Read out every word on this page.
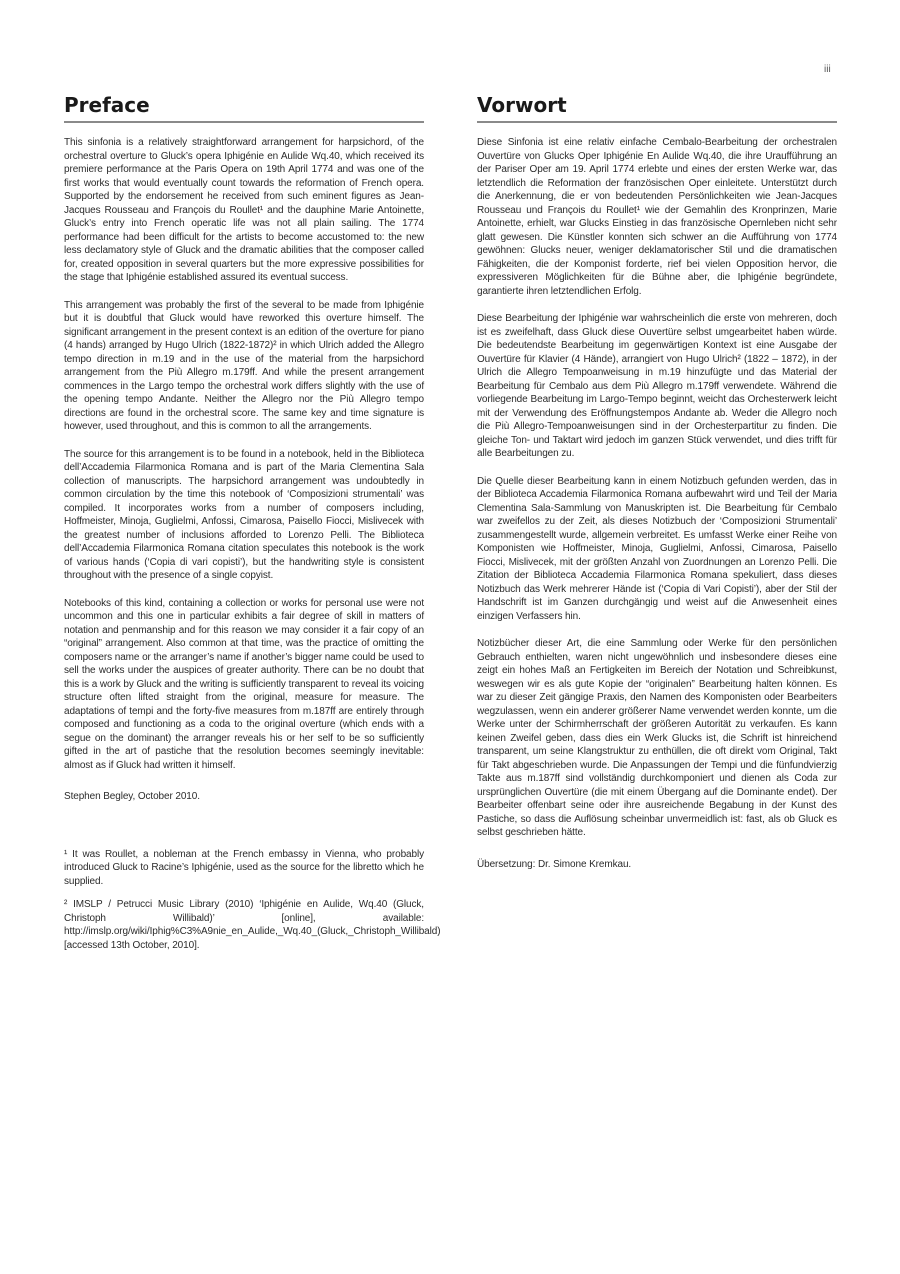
iii
Preface

This sinfonia is a relatively straightforward arrangement for harpsichord, of the orchestral overture to Gluck’s opera Iphigénie en Aulide Wq.40, which received its premiere performance at the Paris Opera on 19th April 1774 and was one of the first works that would eventually count towards the reformation of French opera. Supported by the endorsement he received from such eminent figures as Jean-Jacques Rousseau and François du Roullet¹ and the dauphine Marie Antoinette, Gluck’s entry into French operatic life was not all plain sailing. The 1774 performance had been difficult for the artists to become accustomed to: the new less declamatory style of Gluck and the dramatic abilities that the composer called for, created opposition in several quarters but the more expressive possibilities for the stage that Iphigénie established assured its eventual success.

This arrangement was probably the first of the several to be made from Iphigénie but it is doubtful that Gluck would have reworked this overture himself. The significant arrangement in the present context is an edition of the overture for piano (4 hands) arranged by Hugo Ulrich (1822-1872)² in which Ulrich added the Allegro tempo direction in m.19 and in the use of the material from the harpsichord arrangement from the Più Allegro m.179ff. And while the present arrangement commences in the Largo tempo the orchestral work differs slightly with the use of the opening tempo Andante. Neither the Allegro nor the Più Allegro tempo directions are found in the orchestral score. The same key and time signature is however, used throughout, and this is common to all the arrangements.

The source for this arrangement is to be found in a notebook, held in the Biblioteca dell’Accademia Filarmonica Romana and is part of the Maria Clementina Sala collection of manuscripts. The harpsichord arrangement was undoubtedly in common circulation by the time this notebook of ‘Composizioni strumentali’ was compiled. It incorporates works from a number of composers including, Hoffmeister, Minoja, Guglielmi, Anfossi, Cimarosa, Paisello Fiocci, Mislivecek with the greatest number of inclusions afforded to Lorenzo Pelli. The Biblioteca dell’Accademia Filarmonica Romana citation speculates this notebook is the work of various hands (‘Copia di vari copisti’), but the handwriting style is consistent throughout with the presence of a single copyist.

Notebooks of this kind, containing a collection or works for personal use were not uncommon and this one in particular exhibits a fair degree of skill in matters of notation and penmanship and for this reason we may consider it a fair copy of an “original” arrangement. Also common at that time, was the practice of omitting the composers name or the arranger’s name if another’s bigger name could be used to sell the works under the auspices of greater authority. There can be no doubt that this is a work by Gluck and the writing is sufficiently transparent to reveal its voicing structure often lifted straight from the original, measure for measure. The adaptations of tempi and the forty-five measures from m.187ff are entirely through composed and functioning as a coda to the original overture (which ends with a segue on the dominant) the arranger reveals his or her self to be so sufficiently gifted in the art of pastiche that the resolution becomes seemingly inevitable: almost as if Gluck had written it himself.

Stephen Begley, October 2010.

¹ It was Roullet, a nobleman at the French embassy in Vienna, who probably introduced Gluck to Racine’s Iphigénie, used as the source for the libretto which he supplied.

² IMSLP / Petrucci Music Library (2010) ‘Iphigénie en Aulide, Wq.40 (Gluck, Christoph Willibald)’ [online], available: http://imslp.org/wiki/Iphig%C3%A9nie_en_Aulide,_Wq.40_(Gluck,_Christoph_Willibald) [accessed 13th October, 2010].

Vorwort

Diese Sinfonia ist eine relativ einfache Cembalo-Bearbeitung der orchestralen Ouvertüre von Glucks Oper Iphigénie En Aulide Wq.40, die ihre Uraufführung an der Pariser Oper am 19. April 1774 erlebte und eines der ersten Werke war, das letztendlich die Reformation der französischen Oper einleitete. Unterstützt durch die Anerkennung, die er von bedeutenden Persönlichkeiten wie Jean-Jacques Rousseau und François du Roullet¹ wie der Gemahlin des Kronprinzen, Marie Antoinette, erhielt, war Glucks Einstieg in das französische Opernleben nicht sehr glatt gewesen. Die Künstler konnten sich schwer an die Aufführung von 1774 gewöhnen: Glucks neuer, weniger deklamatorischer Stil und die dramatischen Fähigkeiten, die der Komponist forderte, rief bei vielen Opposition hervor, die expressiveren Möglichkeiten für die Bühne aber, die Iphigénie begründete, garantierte ihren letztendlichen Erfolg.

Diese Bearbeitung der Iphigénie war wahrscheinlich die erste von mehreren, doch ist es zweifelhaft, dass Gluck diese Ouvertüre selbst umgearbeitet haben würde. Die bedeutendste Bearbeitung im gegenwärtigen Kontext ist eine Ausgabe der Ouvertüre für Klavier (4 Hände), arrangiert von Hugo Ulrich² (1822 – 1872), in der Ulrich die Allegro Tempoanweisung in m.19 hinzufügte und das Material der Bearbeitung für Cembalo aus dem Più Allegro m.179ff verwendete. Während die vorliegende Bearbeitung im Largo-Tempo beginnt, weicht das Orchesterwerk leicht mit der Verwendung des Eröffnungstempos Andante ab. Weder die Allegro noch die Più Allegro-Tempoanweisungen sind in der Orchesterpartitur zu finden. Die gleiche Ton- und Taktart wird jedoch im ganzen Stück verwendet, und dies trifft für alle Bearbeitungen zu.

Die Quelle dieser Bearbeitung kann in einem Notizbuch gefunden werden, das in der Biblioteca Accademia Filarmonica Romana aufbewahrt wird und Teil der Maria Clementina Sala-Sammlung von Manuskripten ist. Die Bearbeitung für Cembalo war zweifellos zu der Zeit, als dieses Notizbuch der ‘Composizioni Strumentali’ zusammengestellt wurde, allgemein verbreitet. Es umfasst Werke einer Reihe von Komponisten wie Hoffmeister, Minoja, Guglielmi, Anfossi, Cimarosa, Paisello Fiocci, Mislivecek, mit der größten Anzahl von Zuordnungen an Lorenzo Pelli. Die Zitation der Biblioteca Accademia Filarmonica Romana spekuliert, dass dieses Notizbuch das Werk mehrerer Hände ist (‘Copia di Vari Copisti’), aber der Stil der Handschrift ist im Ganzen durchgängig und weist auf die Anwesenheit eines einzigen Verfassers hin.

Notizbücher dieser Art, die eine Sammlung oder Werke für den persönlichen Gebrauch enthielten, waren nicht ungewöhnlich und insbesondere dieses eine zeigt ein hohes Maß an Fertigkeiten im Bereich der Notation und Schreibkunst, weswegen wir es als gute Kopie der “originalen” Bearbeitung halten können. Es war zu dieser Zeit gängige Praxis, den Namen des Komponisten oder Bearbeiters wegzulassen, wenn ein anderer größerer Name verwendet werden konnte, um die Werke unter der Schirmherrschaft der größeren Autorität zu verkaufen. Es kann keinen Zweifel geben, dass dies ein Werk Glucks ist, die Schrift ist hinreichend transparent, um seine Klangstruktur zu enthüllen, die oft direkt vom Original, Takt für Takt abgeschrieben wurde. Die Anpassungen der Tempi und die fünfundvierzig Takte aus m.187ff sind vollständig durchkomponiert und dienen als Coda zur ursprünglichen Ouvertüre (die mit einem Übergang auf die Dominante endet). Der Bearbeiter offenbart seine oder ihre ausreichende Begabung in der Kunst des Pastiche, so dass die Auflösung scheinbar unvermeidlich ist: fast, als ob Gluck es selbst geschrieben hätte.

Übersetzung: Dr. Simone Kremkau.
